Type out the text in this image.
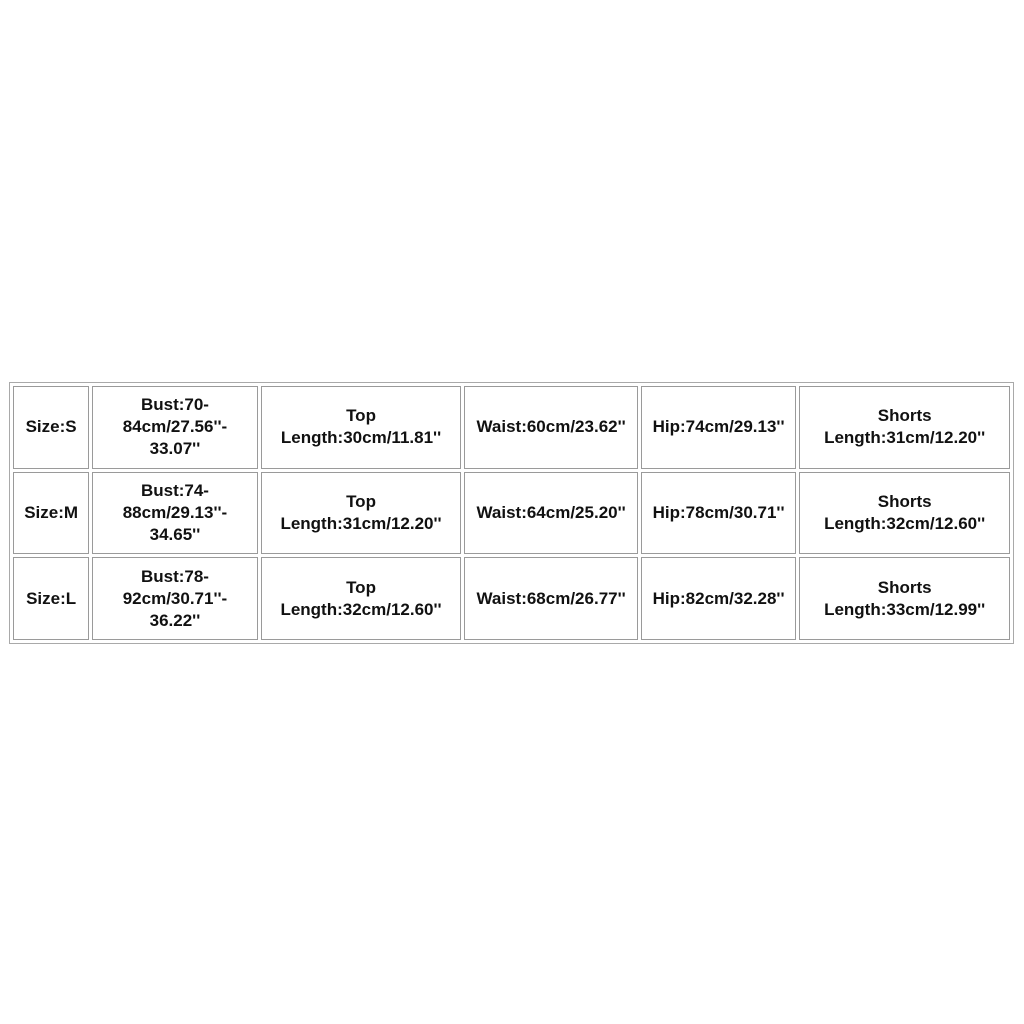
Size:S	Bust:70-
84cm/27.56''-
33.07''	Top
Length:30cm/11.81''	Waist:60cm/23.62''	Hip:74cm/29.13''	Shorts
Length:31cm/12.20''
Size:M	Bust:74-
88cm/29.13''-
34.65''	Top
Length:31cm/12.20''	Waist:64cm/25.20''	Hip:78cm/30.71''	Shorts
Length:32cm/12.60''
Size:L	Bust:78-
92cm/30.71''-
36.22''	Top
Length:32cm/12.60''	Waist:68cm/26.77''	Hip:82cm/32.28''	Shorts
Length:33cm/12.99''
